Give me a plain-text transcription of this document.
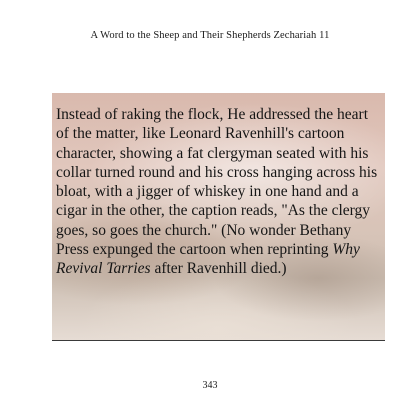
A Word to the Sheep and Their Shepherds Zechariah 11

Instead of raking the flock, He addressed the heart of the matter, like Leonard Ravenhill's cartoon character, showing a fat clergyman seated with his collar turned round and his cross hanging across his bloat, with a jigger of whiskey in one hand and a cigar in the other, the caption reads, "As the clergy goes, so goes the church." (No wonder Bethany Press expunged the cartoon when reprinting Why Revival Tarries after Ravenhill died.)

343
